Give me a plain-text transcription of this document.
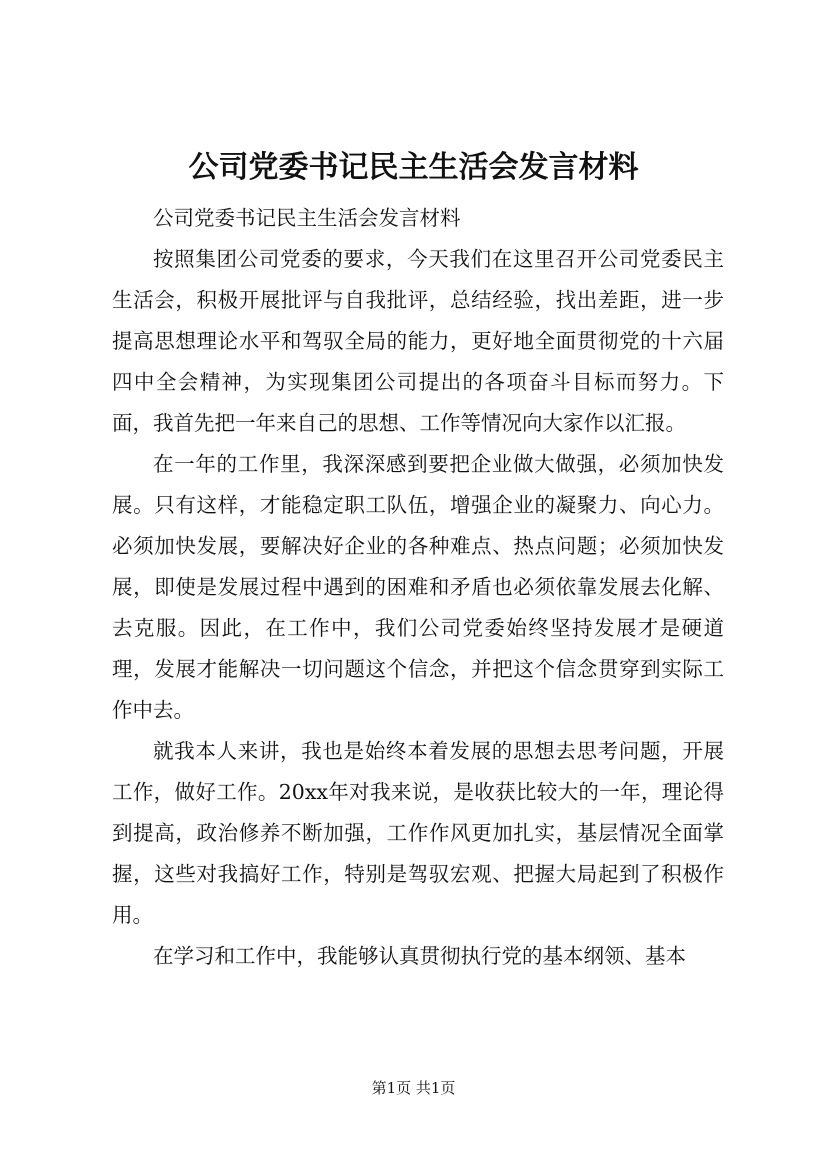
公司党委书记民主生活会发言材料

公司党委书记民主生活会发言材料

按照集团公司党委的要求，今天我们在这里召开公司党委民主生活会，积极开展批评与自我批评，总结经验，找出差距，进一步提高思想理论水平和驾驭全局的能力，更好地全面贯彻党的十六届四中全会精神，为实现集团公司提出的各项奋斗目标而努力。下面，我首先把一年来自己的思想、工作等情况向大家作以汇报。

在一年的工作里，我深深感到要把企业做大做强，必须加快发展。只有这样，才能稳定职工队伍，增强企业的凝聚力、向心力。必须加快发展，要解决好企业的各种难点、热点问题；必须加快发展，即使是发展过程中遇到的困难和矛盾也必须依靠发展去化解、去克服。因此，在工作中，我们公司党委始终坚持发展才是硬道理，发展才能解决一切问题这个信念，并把这个信念贯穿到实际工作中去。

就我本人来讲，我也是始终本着发展的思想去思考问题，开展工作，做好工作。20xx年对我来说，是收获比较大的一年，理论得到提高，政治修养不断加强，工作作风更加扎实，基层情况全面掌握，这些对我搞好工作，特别是驾驭宏观、把握大局起到了积极作用。

在学习和工作中，我能够认真贯彻执行党的基本纲领、基本

第1页 共1页
